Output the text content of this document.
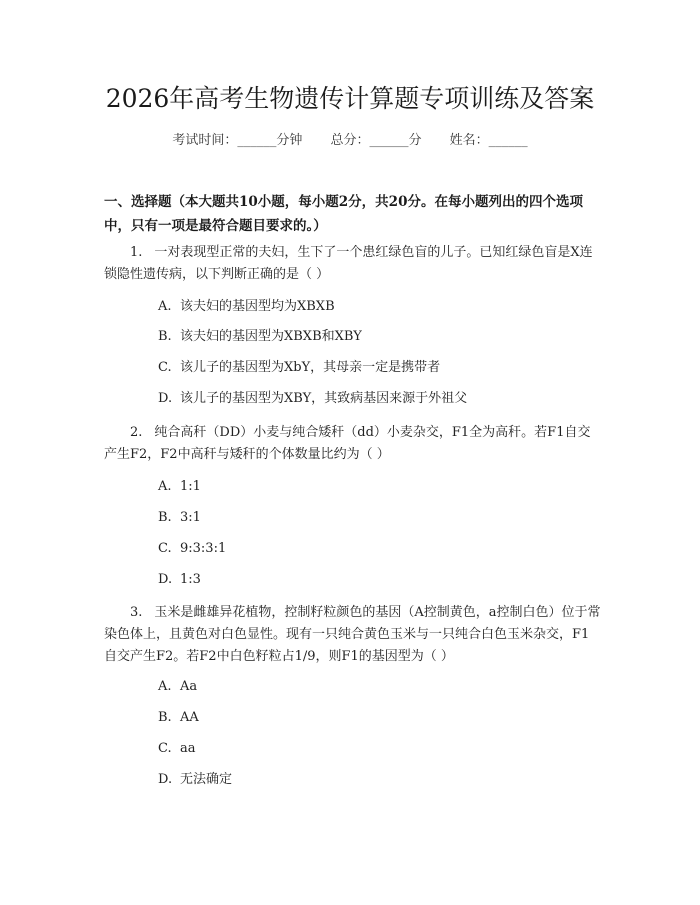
2026年高考生物遗传计算题专项训练及答案
考试时间：______分钟 总分：______分 姓名：______
一、选择题（本大题共10小题，每小题2分，共20分。在每小题列出的四个选项中，只有一项是最符合题目要求的。）
1. 一对表现型正常的夫妇，生下了一个患红绿色盲的儿子。已知红绿色盲是X连锁隐性遗传病，以下判断正确的是（ ）
A. 该夫妇的基因型均为XBXB
B. 该夫妇的基因型为XBXB和XBY
C. 该儿子的基因型为XbY，其母亲一定是携带者
D. 该儿子的基因型为XBY，其致病基因来源于外祖父
2. 纯合高秆（DD）小麦与纯合矮秆（dd）小麦杂交，F1全为高秆。若F1自交产生F2，F2中高秆与矮秆的个体数量比约为（ ）
A. 1:1
B. 3:1
C. 9:3:3:1
D. 1:3
3. 玉米是雌雄异花植物，控制籽粒颜色的基因（A控制黄色，a控制白色）位于常染色体上，且黄色对白色显性。现有一只纯合黄色玉米与一只纯合白色玉米杂交，F1自交产生F2。若F2中白色籽粒占1/9，则F1的基因型为（ ）
A. Aa
B. AA
C. aa
D. 无法确定
